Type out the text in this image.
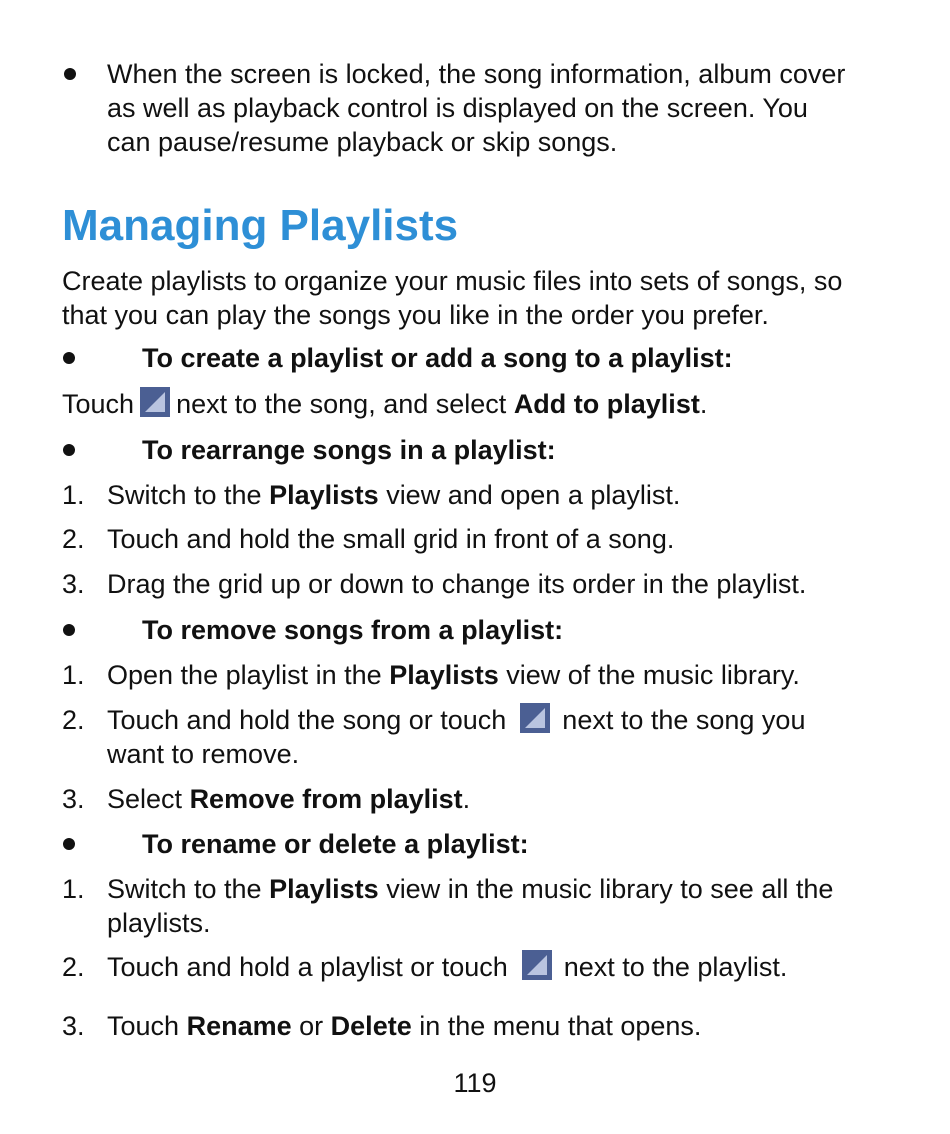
When the screen is locked, the song information, album cover
as well as playback control is displayed on the screen. You
can pause/resume playback or skip songs.
Managing Playlists
Create playlists to organize your music files into sets of songs, so
that you can play the songs you like in the order you prefer.
To create a playlist or add a song to a playlist:
Touch next to the song, and select Add to playlist.
To rearrange songs in a playlist:
1. Switch to the Playlists view and open a playlist.
2. Touch and hold the small grid in front of a song.
3. Drag the grid up or down to change its order in the playlist.
To remove songs from a playlist:
1. Open the playlist in the Playlists view of the music library.
2. Touch and hold the song or touch next to the song you
want to remove.
3. Select Remove from playlist.
To rename or delete a playlist:
1. Switch to the Playlists view in the music library to see all the
playlists.
2. Touch and hold a playlist or touch next to the playlist.
3. Touch Rename or Delete in the menu that opens.
119
